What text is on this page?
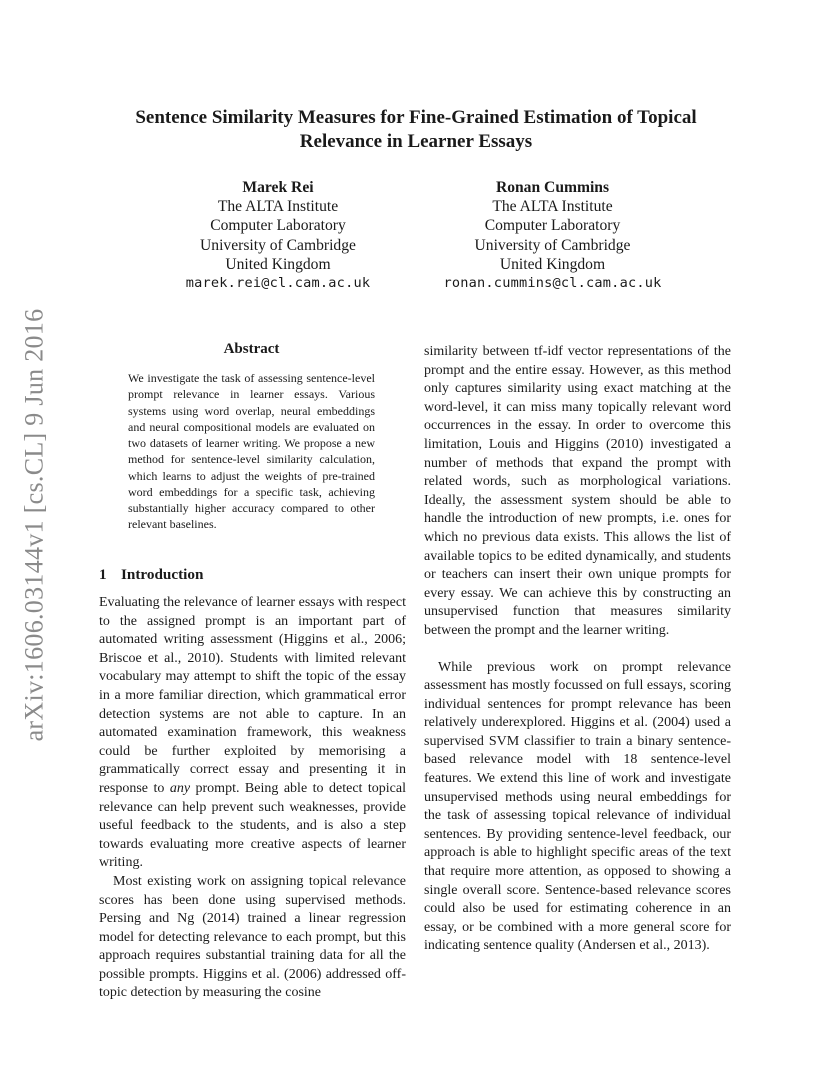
arXiv:1606.03144v1 [cs.CL] 9 Jun 2016
Sentence Similarity Measures for Fine-Grained Estimation of Topical Relevance in Learner Essays
Marek Rei
The ALTA Institute
Computer Laboratory
University of Cambridge
United Kingdom
marek.rei@cl.cam.ac.uk
Ronan Cummins
The ALTA Institute
Computer Laboratory
University of Cambridge
United Kingdom
ronan.cummins@cl.cam.ac.uk
Abstract
We investigate the task of assessing sentence-level prompt relevance in learner essays. Various systems using word overlap, neural embeddings and neural compositional models are evaluated on two datasets of learner writing. We propose a new method for sentence-level similarity calculation, which learns to adjust the weights of pre-trained word embeddings for a specific task, achieving substantially higher accuracy compared to other relevant baselines.
1 Introduction

Evaluating the relevance of learner essays with respect to the assigned prompt is an important part of automated writing assessment (Higgins et al., 2006; Briscoe et al., 2010). Students with limited relevant vocabulary may attempt to shift the topic of the essay in a more familiar direction, which grammatical error detection systems are not able to capture. In an automated examination framework, this weakness could be further exploited by memorising a grammatically correct essay and presenting it in response to any prompt. Being able to detect topical relevance can help prevent such weaknesses, provide useful feedback to the students, and is also a step towards evaluating more creative aspects of learner writing.

Most existing work on assigning topical relevance scores has been done using supervised methods. Persing and Ng (2014) trained a linear regression model for detecting relevance to each prompt, but this approach requires substantial training data for all the possible prompts. Higgins et al. (2006) addressed off-topic detection by measuring the cosine

similarity between tf-idf vector representations of the prompt and the entire essay. However, as this method only captures similarity using exact matching at the word-level, it can miss many topically relevant word occurrences in the essay. In order to overcome this limitation, Louis and Higgins (2010) investigated a number of methods that expand the prompt with related words, such as morphological variations. Ideally, the assessment system should be able to handle the introduction of new prompts, i.e. ones for which no previous data exists. This allows the list of available topics to be edited dynamically, and students or teachers can insert their own unique prompts for every essay. We can achieve this by constructing an unsupervised function that measures similarity between the prompt and the learner writing.

While previous work on prompt relevance assessment has mostly focussed on full essays, scoring individual sentences for prompt relevance has been relatively underexplored. Higgins et al. (2004) used a supervised SVM classifier to train a binary sentence-based relevance model with 18 sentence-level features. We extend this line of work and investigate unsupervised methods using neural embeddings for the task of assessing topical relevance of individual sentences. By providing sentence-level feedback, our approach is able to highlight specific areas of the text that require more attention, as opposed to showing a single overall score. Sentence-based relevance scores could also be used for estimating coherence in an essay, or be combined with a more general score for indicating sentence quality (Andersen et al., 2013).
